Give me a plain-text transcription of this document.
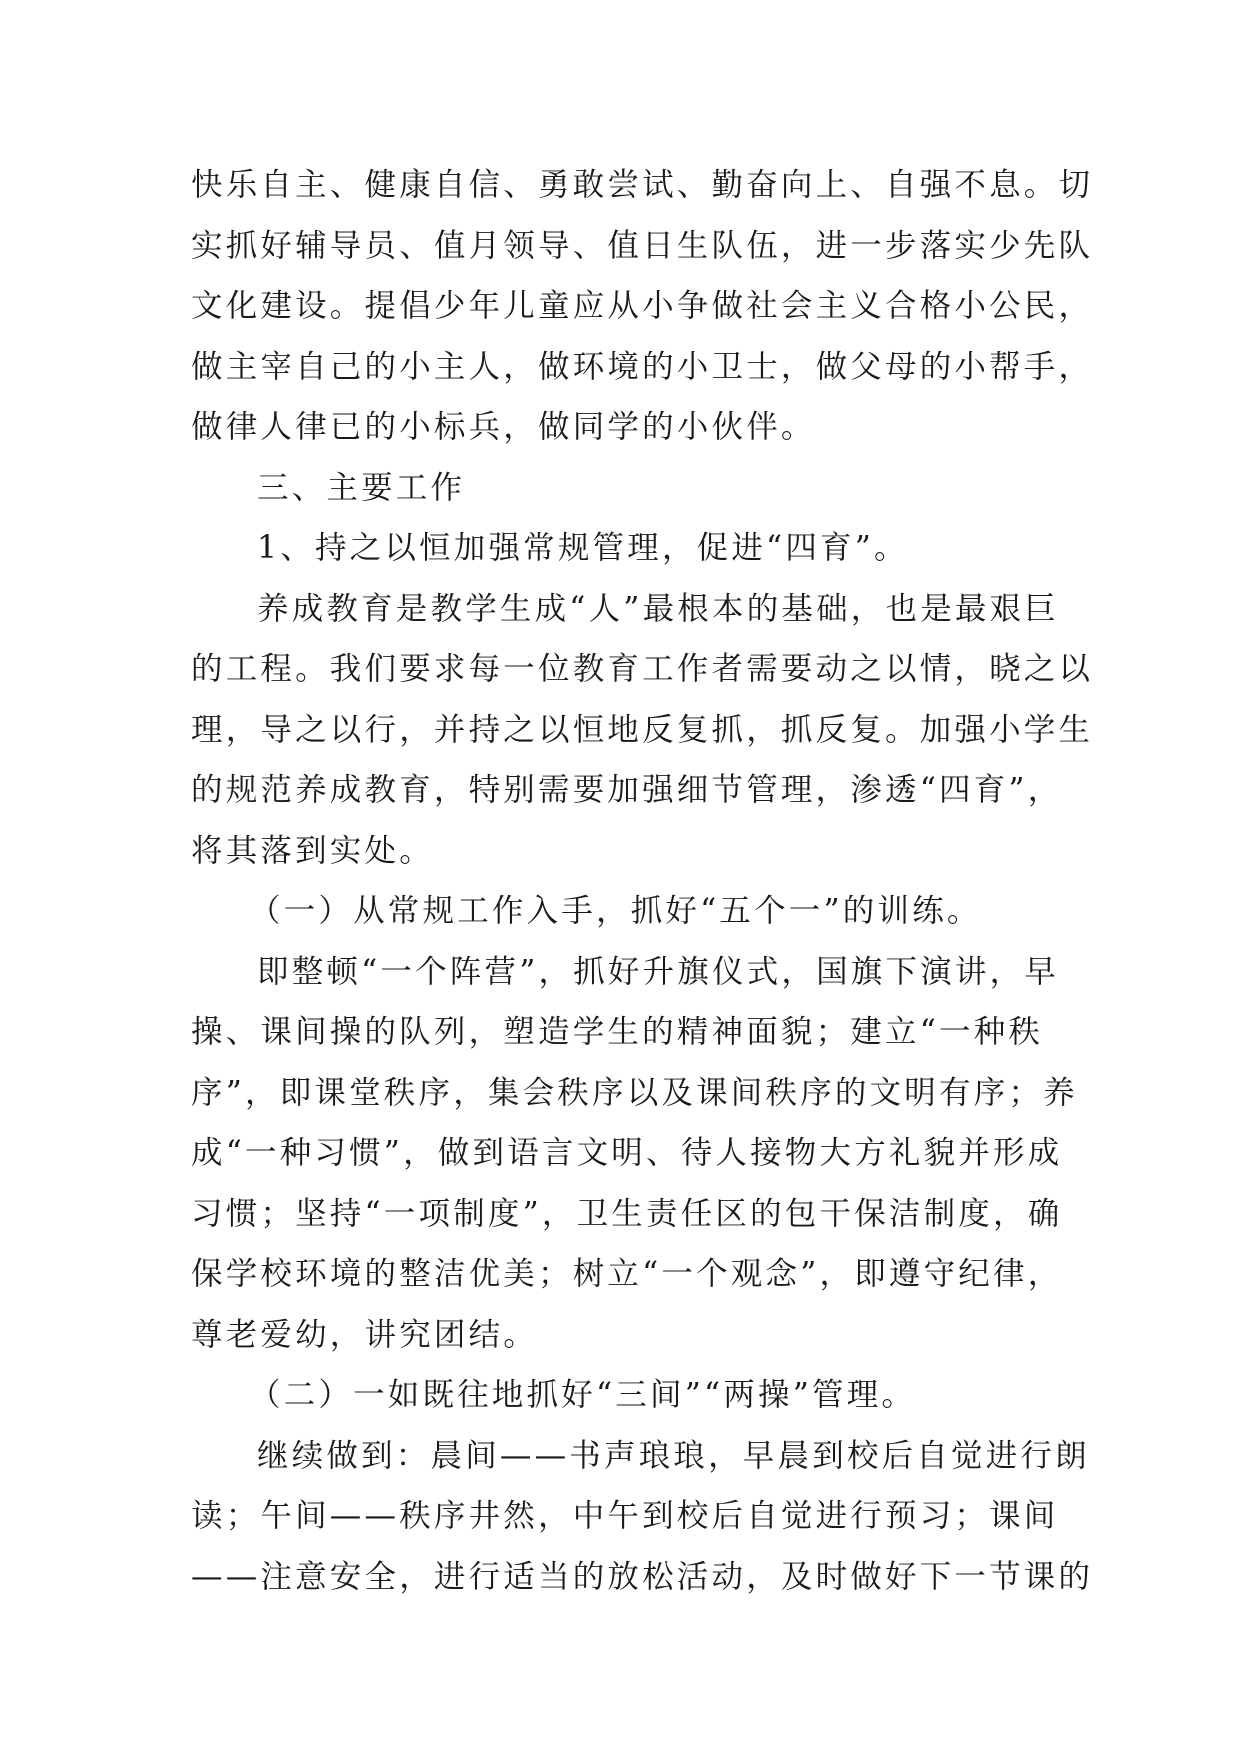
快乐自主、健康自信、勇敢尝试、勤奋向上、自强不息。切
实抓好辅导员、值月领导、值日生队伍，进一步落实少先队
文化建设。提倡少年儿童应从小争做社会主义合格小公民，
做主宰自己的小主人，做环境的小卫士，做父母的小帮手，
做律人律已的小标兵，做同学的小伙伴。
三、主要工作
1、持之以恒加强常规管理，促进“四育”。
养成教育是教学生成“人”最根本的基础，也是最艰巨
的工程。我们要求每一位教育工作者需要动之以情，晓之以
理，导之以行，并持之以恒地反复抓，抓反复。加强小学生
的规范养成教育，特别需要加强细节管理，渗透“四育”，
将其落到实处。
（一）从常规工作入手，抓好“五个一”的训练。
即整顿“一个阵营”，抓好升旗仪式，国旗下演讲，早
操、课间操的队列，塑造学生的精神面貌；建立“一种秩
序”，即课堂秩序，集会秩序以及课间秩序的文明有序；养
成“一种习惯”，做到语言文明、待人接物大方礼貌并形成
习惯；坚持“一项制度”，卫生责任区的包干保洁制度，确
保学校环境的整洁优美；树立“一个观念”，即遵守纪律，
尊老爱幼，讲究团结。
（二）一如既往地抓好“三间”“两操”管理。
继续做到：晨间——书声琅琅，早晨到校后自觉进行朗
读；午间——秩序井然，中午到校后自觉进行预习；课间
——注意安全，进行适当的放松活动，及时做好下一节课的
